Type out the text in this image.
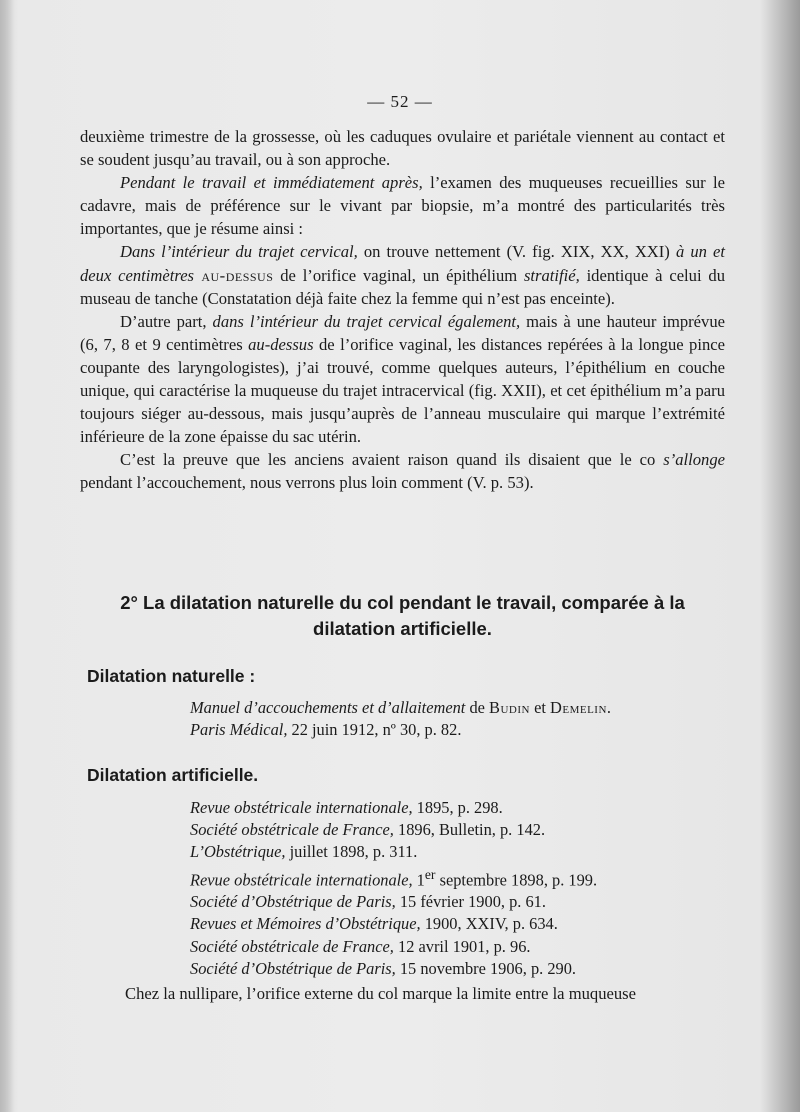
— 52 —

deuxième trimestre de la grossesse, où les caduques ovulaire et pariétale viennent au contact et se soudent jusqu’au travail, ou à son approche.

Pendant le travail et immédiatement après, l’examen des muqueuses recueillies sur le cadavre, mais de préférence sur le vivant par biopsie, m’a montré des particularités très importantes, que je résume ainsi :

Dans l’intérieur du trajet cervical, on trouve nettement (V. fig. XIX, XX, XXI) à un et deux centimètres au-dessus de l’orifice vaginal, un épithélium stratifié, identique à celui du museau de tanche (Constatation déjà faite chez la femme qui n’est pas enceinte).

D’autre part, dans l’intérieur du trajet cervical également, mais à une hauteur imprévue (6, 7, 8 et 9 centimètres au-dessus de l’orifice vaginal, les distances repérées à la longue pince coupante des laryngologistes), j’ai trouvé, comme quelques auteurs, l’épithélium en couche unique, qui caractérise la muqueuse du trajet intracervical (fig. XXII), et cet épithélium m’a paru toujours siéger au-dessous, mais jusqu’auprès de l’anneau musculaire qui marque l’extrémité inférieure de la zone épaisse du sac utérin.

C’est la preuve que les anciens avaient raison quand ils disaient que le co s’allonge pendant l’accouchement, nous verrons plus loin comment (V. p. 53).

2° La dilatation naturelle du col pendant le travail, comparée à la
dilatation artificielle.
Dilatation naturelle :
Manuel d’accouchements et d’allaitement de Budin et Demelin.
Paris Médical, 22 juin 1912, nº 30, p. 82.
Dilatation artificielle.
Revue obstétricale internationale, 1895, p. 298.
Société obstétricale de France, 1896, Bulletin, p. 142.
L’Obstétrique, juillet 1898, p. 311.
Revue obstétricale internationale, 1er septembre 1898, p. 199.
Société d’Obstétrique de Paris, 15 février 1900, p. 61.
Revues et Mémoires d’Obstétrique, 1900, XXIV, p. 634.
Société obstétricale de France, 12 avril 1901, p. 96.
Société d’Obstétrique de Paris, 15 novembre 1906, p. 290.
Chez la nullipare, l’orifice externe du col marque la limite entre la muqueuse
